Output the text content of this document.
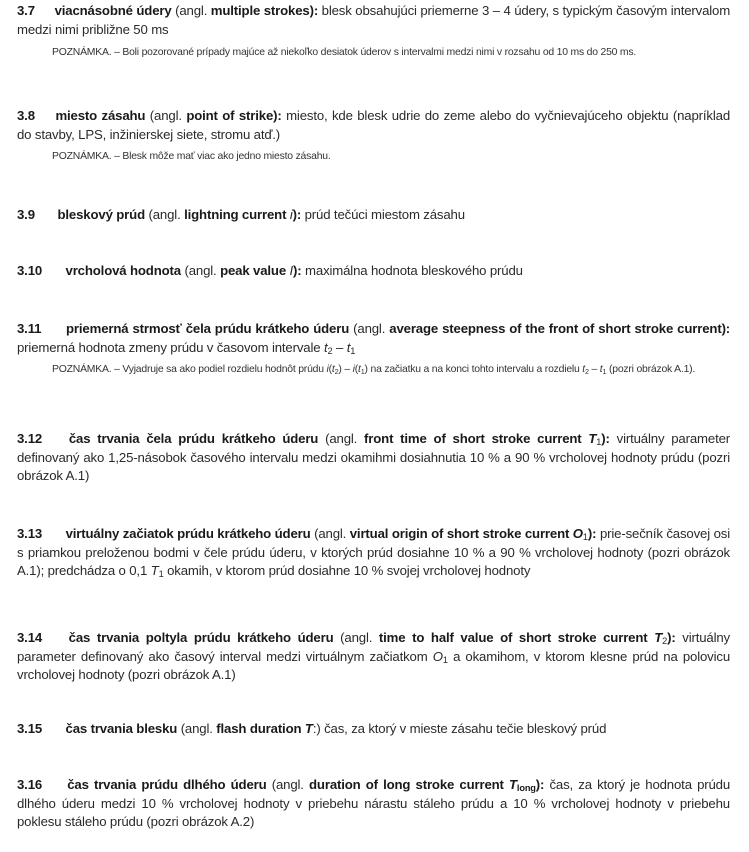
3.7 viacnásobné údery (angl. multiple strokes): blesk obsahujúci priemerne 3 – 4 údery, s typickým časovým intervalom medzi nimi približne 50 ms
POZNÁMKA. – Boli pozorované prípady majúce až niekoľko desiatok úderov s intervalmi medzi nimi v rozsahu od 10 ms do 250 ms.
3.8 miesto zásahu (angl. point of strike): miesto, kde blesk udrie do zeme alebo do vyčnievajúceho objektu (napríklad do stavby, LPS, inžinierskej siete, stromu atď.)
POZNÁMKA. – Blesk môže mať viac ako jedno miesto zásahu.
3.9 bleskový prúd (angl. lightning current i): prúd tečúci miestom zásahu
3.10 vrcholová hodnota (angl. peak value I): maximálna hodnota bleskového prúdu
3.11 priemerná strmosť čela prúdu krátkeho úderu (angl. average steepness of the front of short stroke current): priemerná hodnota zmeny prúdu v časovom intervale $t_2 - t_1$
POZNÁMKA. – Vyjadruje sa ako podiel rozdielu hodnôt prúdu $i(t_2) - i(t_1)$ na začiatku a na konci tohto intervalu a rozdielu $t_2 - t_1$ (pozri obrázok A.1).
3.12 čas trvania čela prúdu krátkeho úderu (angl. front time of short stroke current $T_1$): virtuálny parameter definovaný ako 1,25-násobok časového intervalu medzi okamihmi dosiahnutia 10 % a 90 % vrcholovej hodnoty prúdu (pozri obrázok A.1)
3.13 virtuálny začiatok prúdu krátkeho úderu (angl. virtual origin of short stroke current $O_1$): prie-sečník časovej osi s priamkou preloženou bodmi v čele prúdu úderu, v ktorých prúd dosiahne 10 % a 90 % vrcholovej hodnoty (pozri obrázok A.1); predchádza o 0,1 $T_1$ okamih, v ktorom prúd dosiahne 10 % svojej vrcholovej hodnoty
3.14 čas trvania poltyla prúdu krátkeho úderu (angl. time to half value of short stroke current $T_2$): virtuálny parameter definovaný ako časový interval medzi virtuálnym začiatkom $O_1$ a okamihom, v ktorom klesne prúd na polovicu vrcholovej hodnoty (pozri obrázok A.1)
3.15 čas trvania blesku (angl. flash duration T:) čas, za ktorý v mieste zásahu tečie bleskový prúd
3.16 čas trvania prúdu dlhého úderu (angl. duration of long stroke current $T_{long}$): čas, za ktorý je hodnota prúdu dlhého úderu medzi 10 % vrcholovej hodnoty v priebehu nárastu stáleho prúdu a 10 % vrcholovej hodnoty v priebehu poklesu stáleho prúdu (pozri obrázok A.2)
